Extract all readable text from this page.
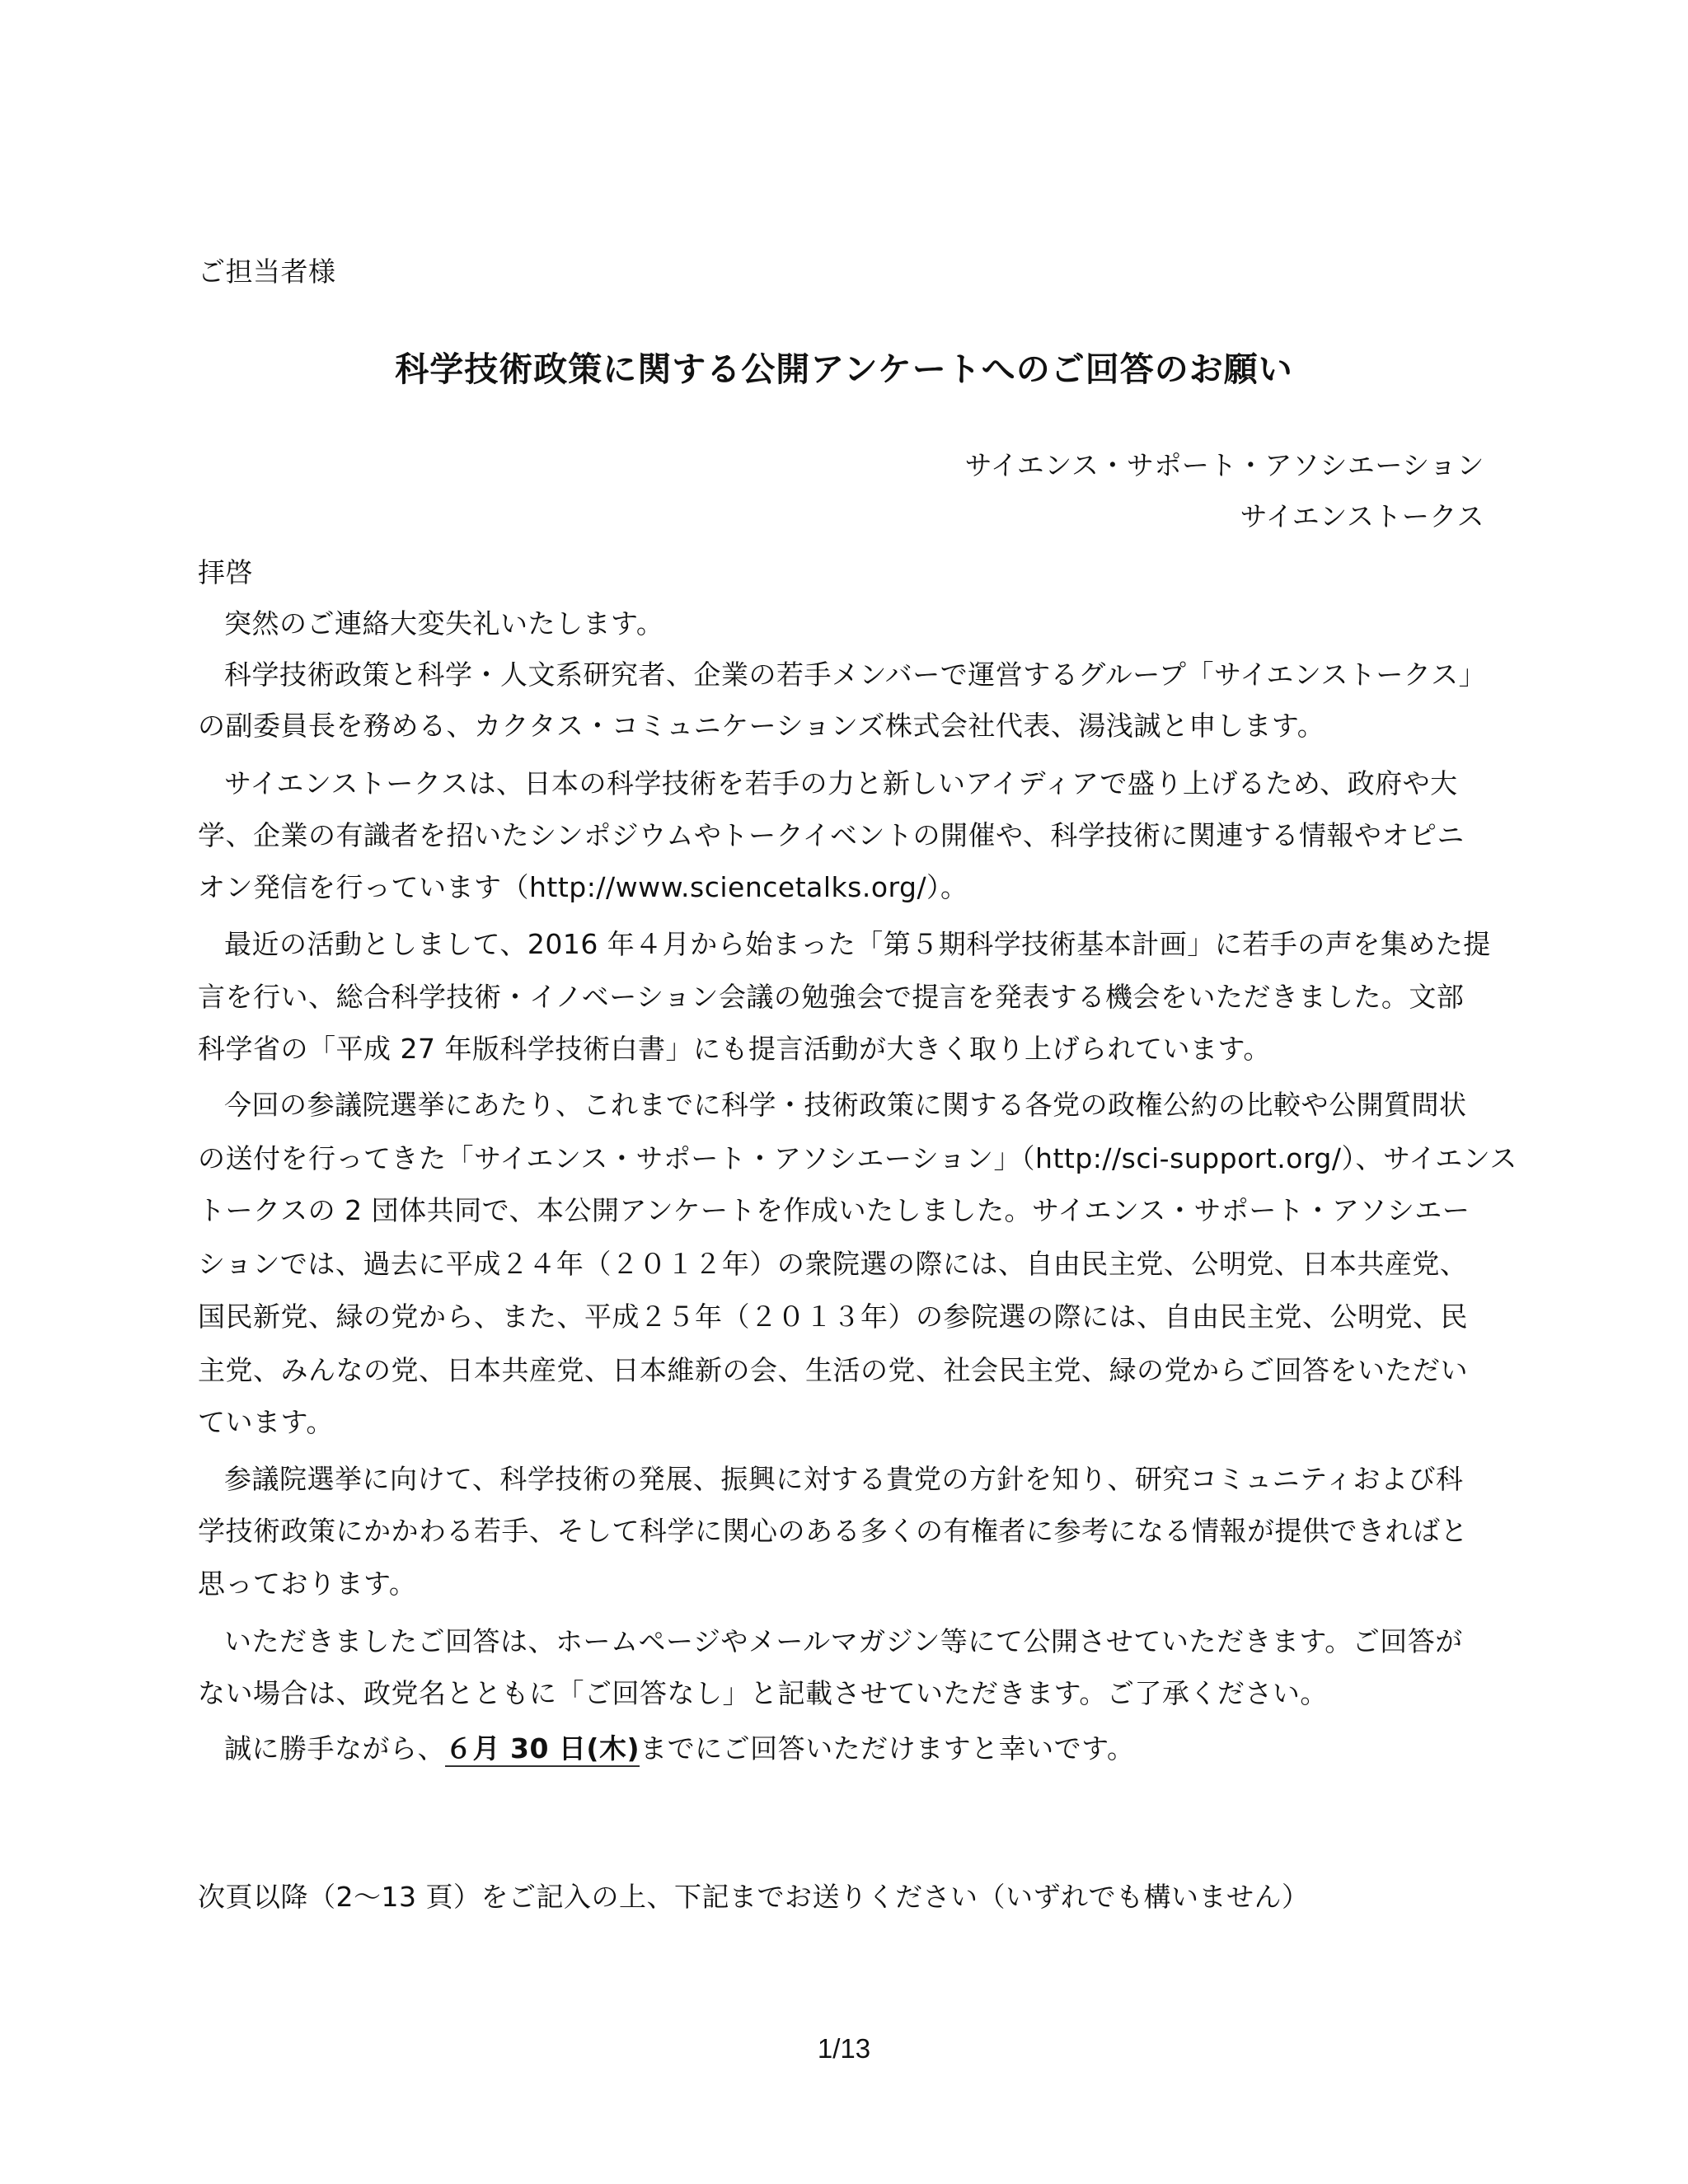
ご担当者様
科学技術政策に関する公開アンケートへのご回答のお願い
サイエンス・サポート・アソシエーション
サイエンストークス
拝啓
突然のご連絡大変失礼いたします。
科学技術政策と科学・人文系研究者、企業の若手メンバーで運営するグループ「サイエンストークス」
の副委員長を務める、カクタス・コミュニケーションズ株式会社代表、湯浅誠と申します。
サイエンストークスは、日本の科学技術を若手の力と新しいアイディアで盛り上げるため、政府や大
学、企業の有識者を招いたシンポジウムやトークイベントの開催や、科学技術に関連する情報やオピニ
オン発信を行っています（http://www.sciencetalks.org/）。
最近の活動としまして、2016 年４月から始まった「第５期科学技術基本計画」に若手の声を集めた提
言を行い、総合科学技術・イノベーション会議の勉強会で提言を発表する機会をいただきました。文部
科学省の「平成 27 年版科学技術白書」にも提言活動が大きく取り上げられています。
今回の参議院選挙にあたり、これまでに科学・技術政策に関する各党の政権公約の比較や公開質問状
の送付を行ってきた「サイエンス・サポート・アソシエーション」（http://sci-support.org/）、サイエンス
トークスの 2 団体共同で、本公開アンケートを作成いたしました。サイエンス・サポート・アソシエー
ションでは、過去に平成２４年（２０１２年）の衆院選の際には、自由民主党、公明党、日本共産党、
国民新党、緑の党から、また、平成２５年（２０１３年）の参院選の際には、自由民主党、公明党、民
主党、みんなの党、日本共産党、日本維新の会、生活の党、社会民主党、緑の党からご回答をいただい
ています。
参議院選挙に向けて、科学技術の発展、振興に対する貴党の方針を知り、研究コミュニティおよび科
学技術政策にかかわる若手、そして科学に関心のある多くの有権者に参考になる情報が提供できればと
思っております。
いただきましたご回答は、ホームページやメールマガジン等にて公開させていただきます。ご回答が
ない場合は、政党名とともに「ご回答なし」と記載させていただきます。ご了承ください。
誠に勝手ながら、６月 30 日(木)までにご回答いただけますと幸いです。
次頁以降（2～13 頁）をご記入の上、下記までお送りください（いずれでも構いません）
1/13
